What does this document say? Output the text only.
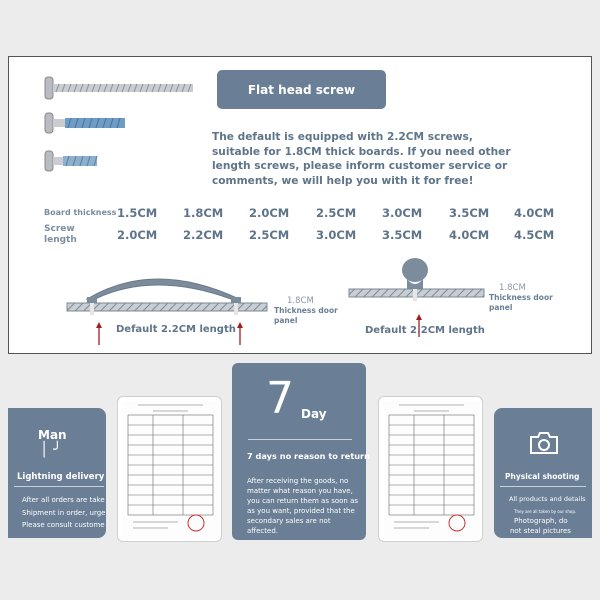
Flat head screw
The default is equipped with 2.2CM screws,
suitable for 1.8CM thick boards. If you need other
length screws, please inform customer service or
comments, we will help you with it for free!
Board thickness
Screw
length
1.5CM 1.8CM 2.0CM 2.5CM 3.0CM 3.5CM 4.0CM
2.0CM 2.2CM 2.5CM 3.0CM 3.5CM 4.0CM 4.5CM
1.8CM
Thickness door
panel
Default 2.2CM length
1.8CM
Thickness door
panel
Default 2.2CM length
Man
│ ╯
Lightning delivery
After all orders are take
Shipment in order, urge
Please consult custome
7 Day
7 days no reason to return
After receiving the goods, no
matter what reason you have,
you can return them as soon as
as you want, provided that the
secondary sales are not
affected.
Physical shooting
All products and details
They are all taken by our shop.
Photograph, do
not steal pictures
